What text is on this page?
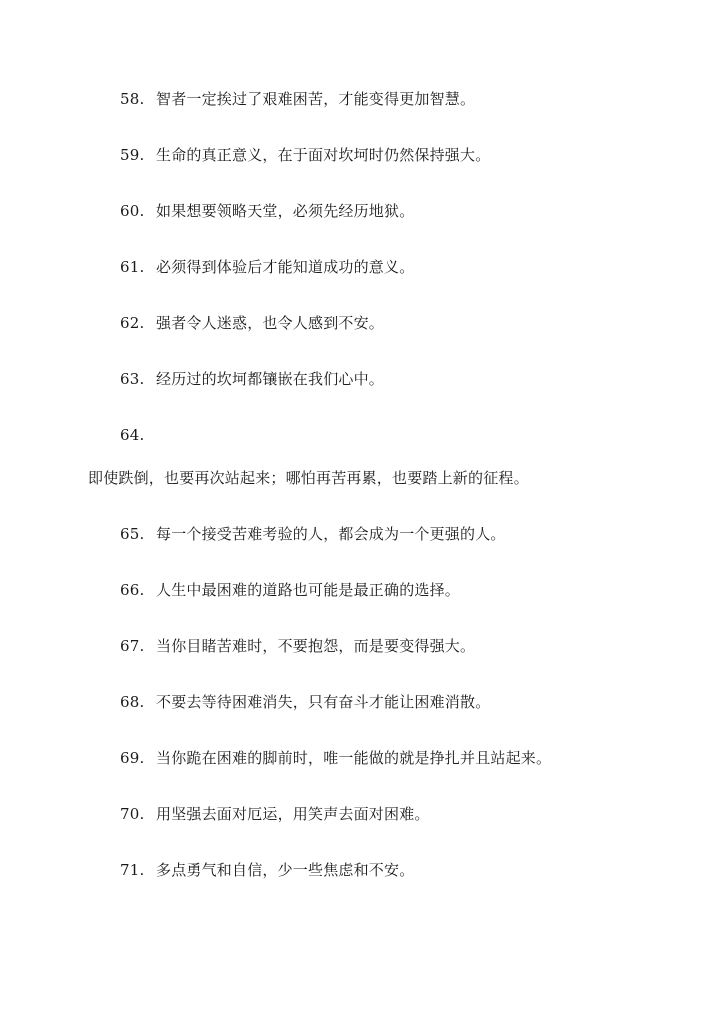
58. 智者一定挨过了艰难困苦，才能变得更加智慧。
59. 生命的真正意义，在于面对坎坷时仍然保持强大。
60. 如果想要领略天堂，必须先经历地狱。
61. 必须得到体验后才能知道成功的意义。
62. 强者令人迷惑，也令人感到不安。
63. 经历过的坎坷都镶嵌在我们心中。
64.
即使跌倒，也要再次站起来；哪怕再苦再累，也要踏上新的征程。
65. 每一个接受苦难考验的人，都会成为一个更强的人。
66. 人生中最困难的道路也可能是最正确的选择。
67. 当你目睹苦难时，不要抱怨，而是要变得强大。
68. 不要去等待困难消失，只有奋斗才能让困难消散。
69. 当你跪在困难的脚前时，唯一能做的就是挣扎并且站起来。
70. 用坚强去面对厄运，用笑声去面对困难。
71. 多点勇气和自信，少一些焦虑和不安。
